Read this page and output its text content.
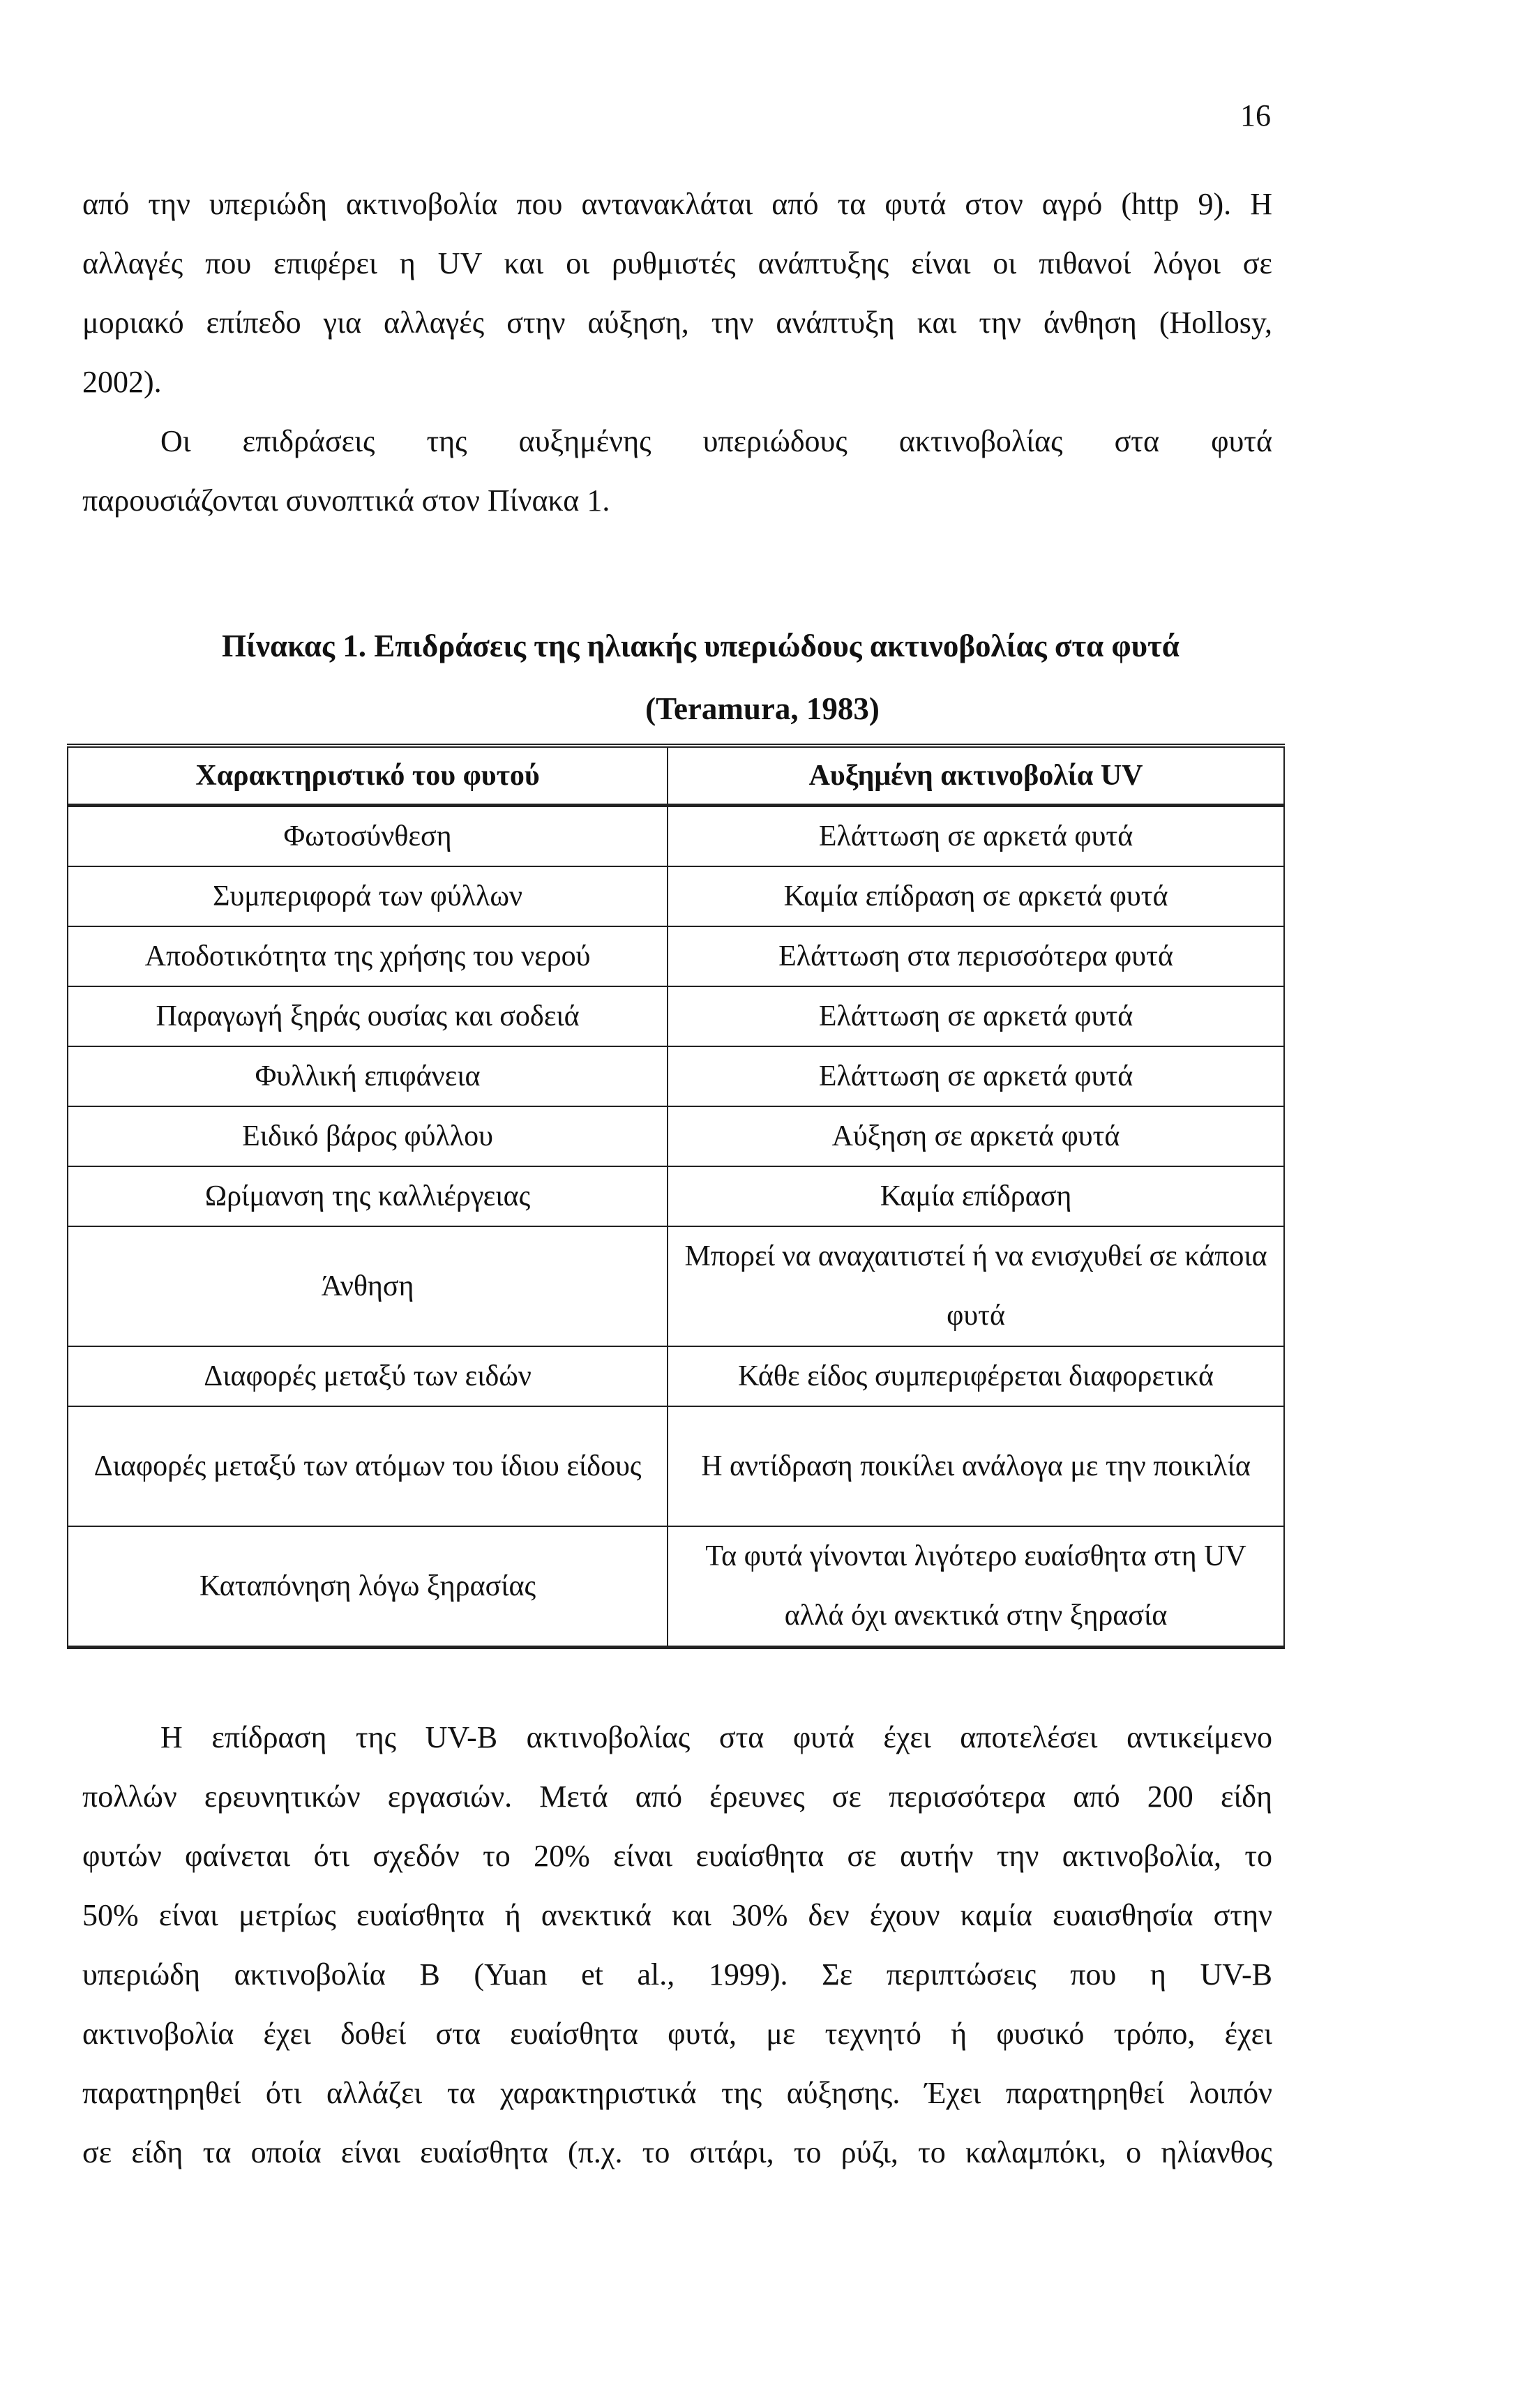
16

από την υπεριώδη ακτινοβολία που αντανακλάται από τα φυτά στον αγρό (http 9). Η
αλλαγές που επιφέρει η UV και οι ρυθμιστές ανάπτυξης είναι οι πιθανοί λόγοι σε
μοριακό επίπεδο για αλλαγές στην αύξηση, την ανάπτυξη και την άνθηση (Hollosy,
2002).
Οι επιδράσεις της αυξημένης υπεριώδους ακτινοβολίας στα φυτά
παρουσιάζονται συνοπτικά στον Πίνακα 1.

Πίνακας 1. Επιδράσεις της ηλιακής υπεριώδους ακτινοβολίας στα φυτά
(Teramura, 1983)
Χαρακτηριστικό του φυτού	Αυξημένη ακτινοβολία UV
Φωτοσύνθεση	Ελάττωση σε αρκετά φυτά
Συμπεριφορά των φύλλων	Καμία επίδραση σε αρκετά φυτά
Αποδοτικότητα της χρήσης του νερού	Ελάττωση στα περισσότερα φυτά
Παραγωγή ξηράς ουσίας και σοδειά	Ελάττωση σε αρκετά φυτά
Φυλλική επιφάνεια	Ελάττωση σε αρκετά φυτά
Ειδικό βάρος φύλλου	Αύξηση σε αρκετά φυτά
Ωρίμανση της καλλιέργειας	Καμία επίδραση
Άνθηση	Μπορεί να αναχαιτιστεί ή να ενισχυθεί σε κάποια φυτά
Διαφορές μεταξύ των ειδών	Κάθε είδος συμπεριφέρεται διαφορετικά
Διαφορές μεταξύ των ατόμων του ίδιου είδους	Η αντίδραση ποικίλει ανάλογα με την ποικιλία
Καταπόνηση λόγω ξηρασίας	Τα φυτά γίνονται λιγότερο ευαίσθητα στη UV αλλά όχι ανεκτικά στην ξηρασία

Η επίδραση της UV-B ακτινοβολίας στα φυτά έχει αποτελέσει αντικείμενο
πολλών ερευνητικών εργασιών. Μετά από έρευνες σε περισσότερα από 200 είδη
φυτών φαίνεται ότι σχεδόν το 20% είναι ευαίσθητα σε αυτήν την ακτινοβολία, το
50% είναι μετρίως ευαίσθητα ή ανεκτικά και 30% δεν έχουν καμία ευαισθησία στην
υπεριώδη ακτινοβολία Β (Yuan et al., 1999). Σε περιπτώσεις που η UV-B
ακτινοβολία έχει δοθεί στα ευαίσθητα φυτά, με τεχνητό ή φυσικό τρόπο, έχει
παρατηρηθεί ότι αλλάζει τα χαρακτηριστικά της αύξησης. Έχει παρατηρηθεί λοιπόν
σε είδη τα οποία είναι ευαίσθητα (π.χ. το σιτάρι, το ρύζι, το καλαμπόκι, ο ηλίανθος
